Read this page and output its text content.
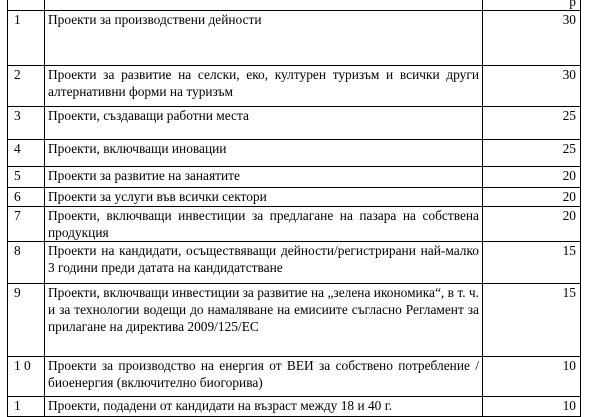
		p
1	Проекти за производствени дейности	30
2	Проекти за развитие на селски, еко, културен туризъм и всички други алтернативни форми на туризъм	30
3	Проекти, създаващи работни места	25
4	Проекти, включващи иновации	25
5	Проекти за развитие на занаятите	20
6	Проекти за услуги във всички сектори	20
7	Проекти, включващи инвестиции за предлагане на пазара на собствена продукция	20
8	Проекти на кандидати, осъществяващи дейности/регистрирани най-малко 3 години преди датата на кандидатстване	15
9	Проекти, включващи инвестиции за развитие на „зелена икономика“, в т. ч. и за технологии водещи до намаляване на емисиите съгласно Регламент за прилагане на директива 2009/125/ЕС	15
1 0	Проекти за производство на енергия от ВЕИ за собствено потребление / биоенергия (включително биогорива)	10
1	Проекти, подадени от кандидати на възраст между 18 и 40 г.	10
